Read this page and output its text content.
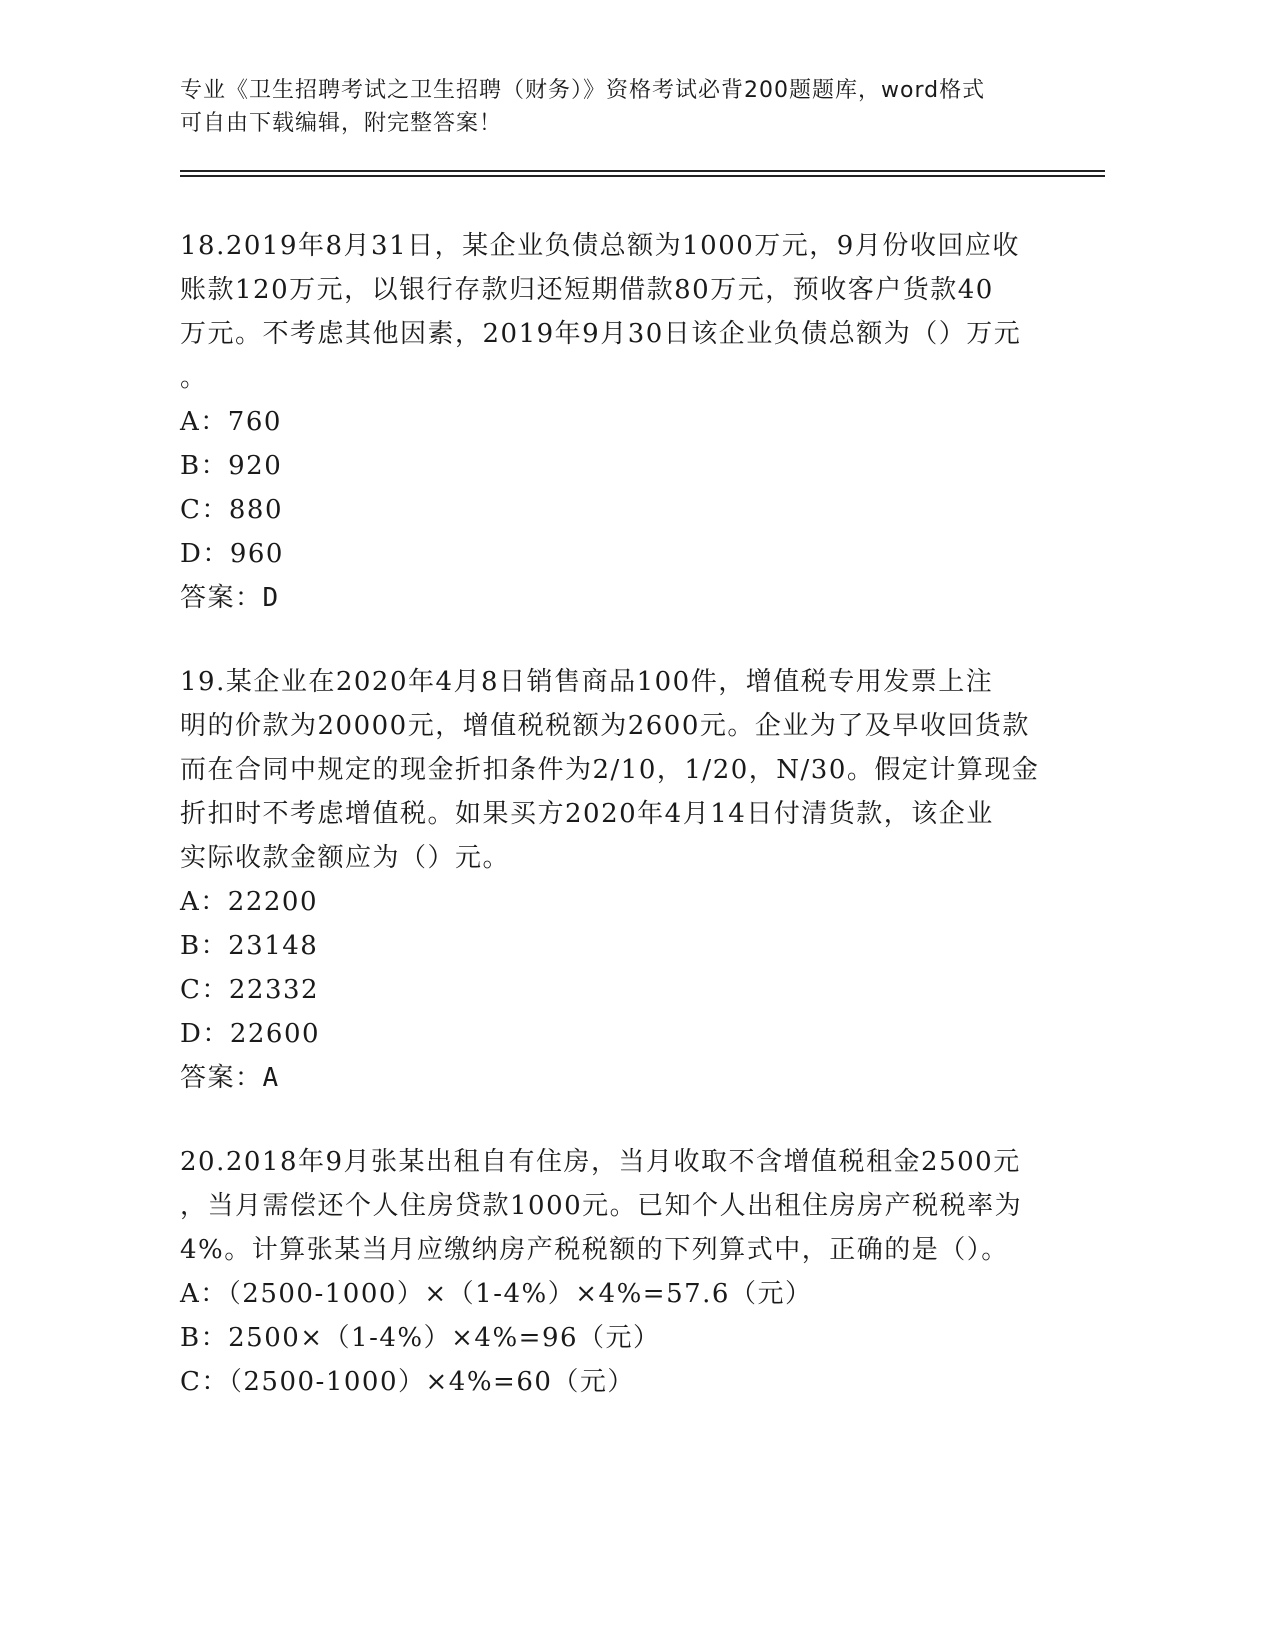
专业《卫生招聘考试之卫生招聘（财务）》资格考试必背200题题库，word格式
可自由下载编辑，附完整答案！
18.2019年8月31日，某企业负债总额为1000万元，9月份收回应收
账款120万元，以银行存款归还短期借款80万元，预收客户货款40
万元。不考虑其他因素，2019年9月30日该企业负债总额为（）万元
。
A：760
B：920
C：880
D：960
答案：D
19.某企业在2020年4月8日销售商品100件，增值税专用发票上注
明的价款为20000元，增值税税额为2600元。企业为了及早收回货款
而在合同中规定的现金折扣条件为2/10，1/20，N/30。假定计算现金
折扣时不考虑增值税。如果买方2020年4月14日付清货款，该企业
实际收款金额应为（）元。
A：22200
B：23148
C：22332
D：22600
答案：A
20.2018年9月张某出租自有住房，当月收取不含增值税租金2500元
，当月需偿还个人住房贷款1000元。已知个人出租住房房产税税率为
4%。计算张某当月应缴纳房产税税额的下列算式中，正确的是（）。
A：（2500-1000）×（1-4%）×4%=57.6（元）
B：2500×（1-4%）×4%=96（元）
C：（2500-1000）×4%=60（元）
